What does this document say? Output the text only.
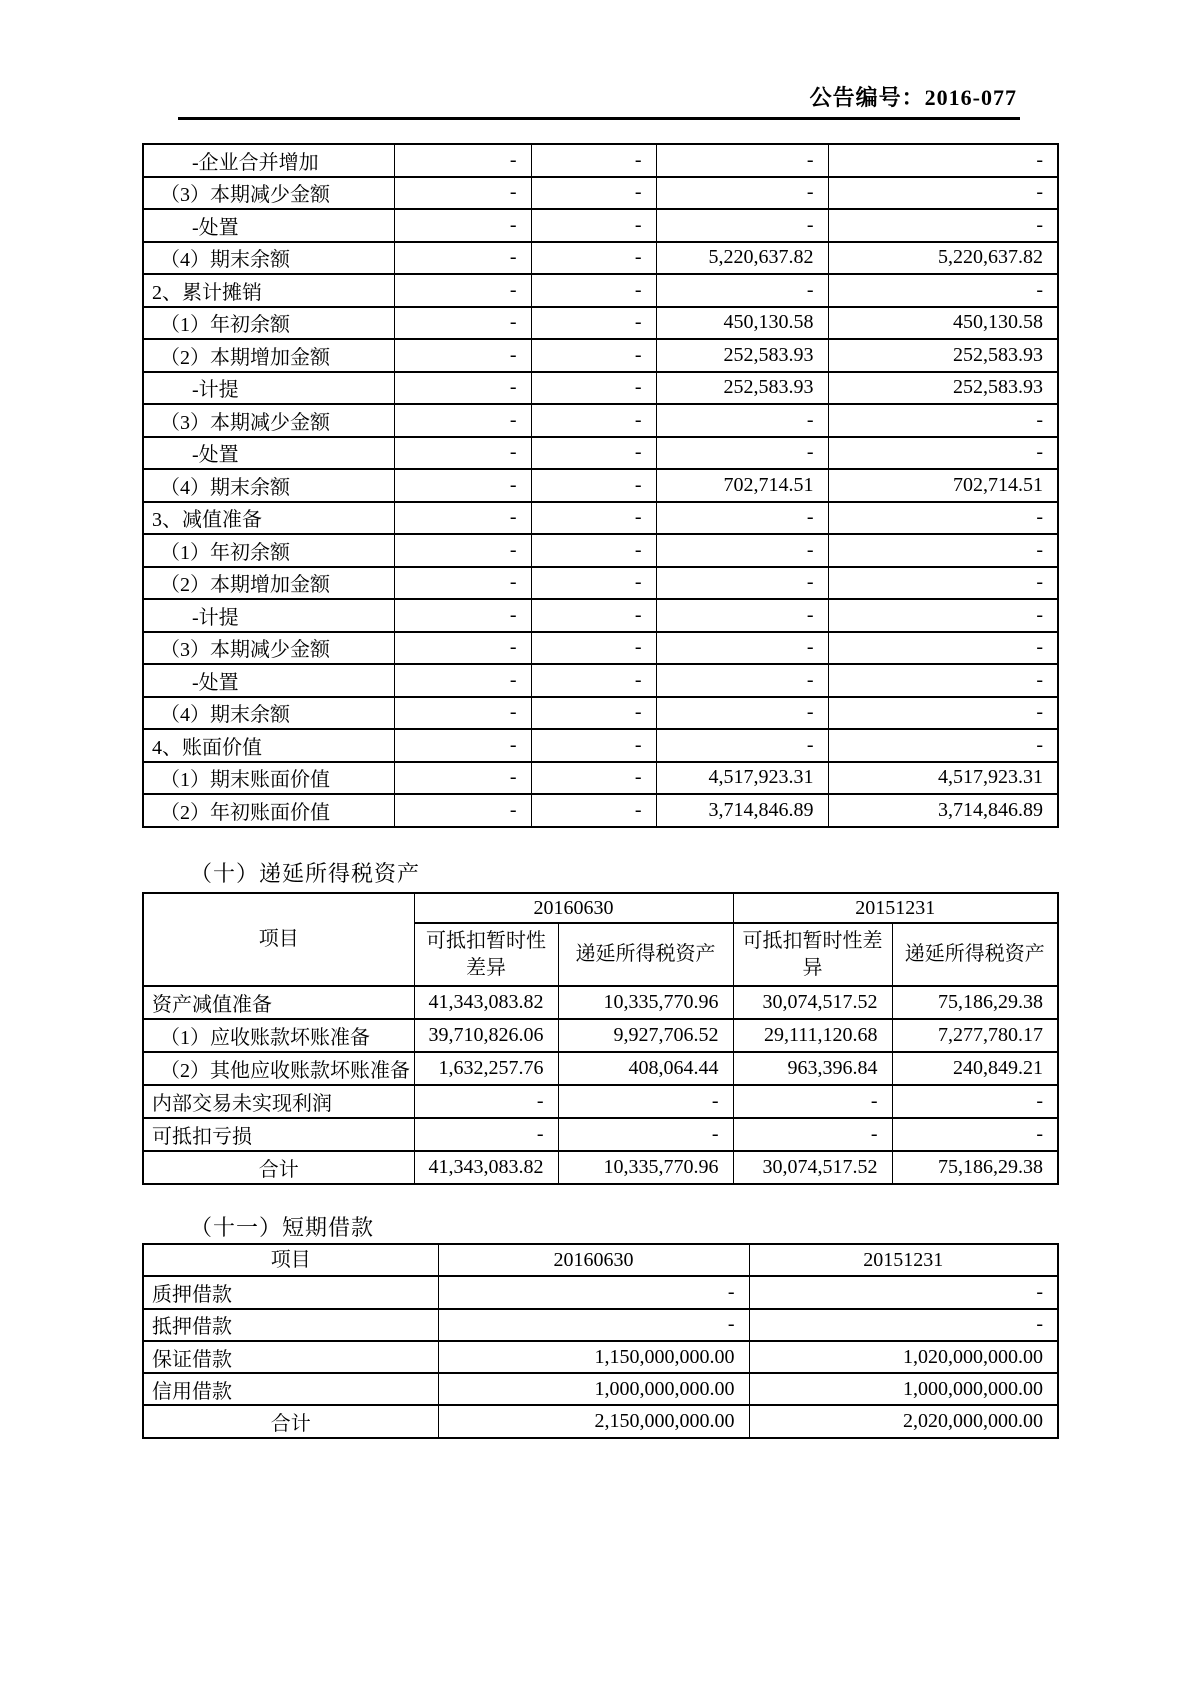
公告编号：2016-077
-企业合并增加	-	-	-	-
（3）本期减少金额	-	-	-	-
-处置	-	-	-	-
（4）期末余额	-	-	5,220,637.82	5,220,637.82
2、累计摊销	-	-	-	-
（1）年初余额	-	-	450,130.58	450,130.58
（2）本期增加金额	-	-	252,583.93	252,583.93
-计提	-	-	252,583.93	252,583.93
（3）本期减少金额	-	-	-	-
-处置	-	-	-	-
（4）期末余额	-	-	702,714.51	702,714.51
3、减值准备	-	-	-	-
（1）年初余额	-	-	-	-
（2）本期增加金额	-	-	-	-
-计提	-	-	-	-
（3）本期减少金额	-	-	-	-
-处置	-	-	-	-
（4）期末余额	-	-	-	-
4、账面价值	-	-	-	-
（1）期末账面价值	-	-	4,517,923.31	4,517,923.31
（2）年初账面价值	-	-	3,714,846.89	3,714,846.89
（十）递延所得税资产
项目	20160630		20151231	
	可抵扣暂时性差异	递延所得税资产	可抵扣暂时性差异	递延所得税资产
资产减值准备	41,343,083.82	10,335,770.96	30,074,517.52	75,186,29.38
（1）应收账款坏账准备	39,710,826.06	9,927,706.52	29,111,120.68	7,277,780.17
（2）其他应收账款坏账准备	1,632,257.76	408,064.44	963,396.84	240,849.21
内部交易未实现利润	-	-	-	-
可抵扣亏损	-	-	-	-
合计	41,343,083.82	10,335,770.96	30,074,517.52	75,186,29.38
（十一）短期借款
项目	20160630	20151231
质押借款	-	-
抵押借款	-	-
保证借款	1,150,000,000.00	1,020,000,000.00
信用借款	1,000,000,000.00	1,000,000,000.00
合计	2,150,000,000.00	2,020,000,000.00
